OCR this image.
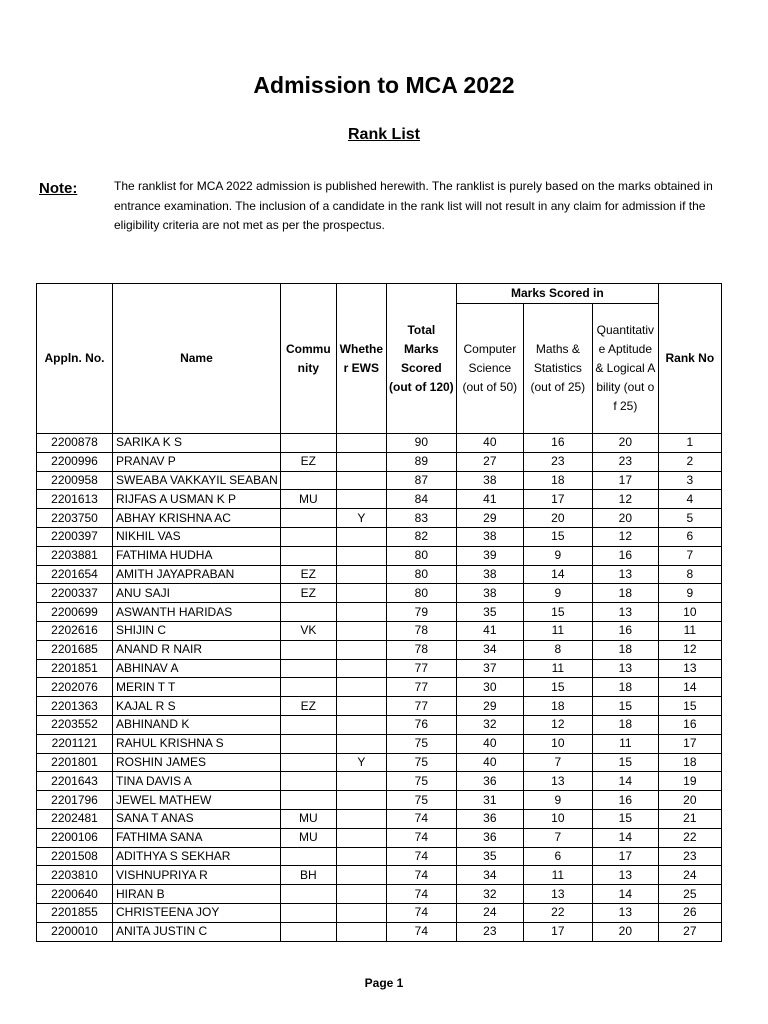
Admission to MCA 2022
Rank List
Note:	The ranklist for MCA 2022 admission is published herewith. The ranklist is purely based on the marks obtained in entrance examination. The inclusion of a candidate in the rank list will not result in any claim for admission if the eligibility criteria are not met as per the prospectus.
Appln. No.	Name	Community	Whether EWS	Total Marks Scored (out of 120)	Marks Scored in			Rank No
					Computer Science (out of 50)	Maths & Statistics (out of 25)	Quantitative Aptitude & Logical Ability (out of 25)	
2200878	SARIKA K S			90	40	16	20	1
2200996	PRANAV P	EZ		89	27	23	23	2
2200958	SWEABA VAKKAYIL SEABAN			87	38	18	17	3
2201613	RIJFAS A USMAN K P	MU		84	41	17	12	4
2203750	ABHAY KRISHNA AC		Y	83	29	20	20	5
2200397	NIKHIL VAS			82	38	15	12	6
2203881	FATHIMA HUDHA			80	39	9	16	7
2201654	AMITH JAYAPRABAN	EZ		80	38	14	13	8
2200337	ANU SAJI	EZ		80	38	9	18	9
2200699	ASWANTH HARIDAS			79	35	15	13	10
2202616	SHIJIN C	VK		78	41	11	16	11
2201685	ANAND R NAIR			78	34	8	18	12
2201851	ABHINAV A			77	37	11	13	13
2202076	MERIN T T			77	30	15	18	14
2201363	KAJAL R S	EZ		77	29	18	15	15
2203552	ABHINAND K			76	32	12	18	16
2201121	RAHUL KRISHNA S			75	40	10	11	17
2201801	ROSHIN JAMES		Y	75	40	7	15	18
2201643	TINA DAVIS A			75	36	13	14	19
2201796	JEWEL MATHEW			75	31	9	16	20
2202481	SANA T ANAS	MU		74	36	10	15	21
2200106	FATHIMA SANA	MU		74	36	7	14	22
2201508	ADITHYA S SEKHAR			74	35	6	17	23
2203810	VISHNUPRIYA R	BH		74	34	11	13	24
2200640	HIRAN B			74	32	13	14	25
2201855	CHRISTEENA JOY			74	24	22	13	26
2200010	ANITA JUSTIN C			74	23	17	20	27
Page 1
